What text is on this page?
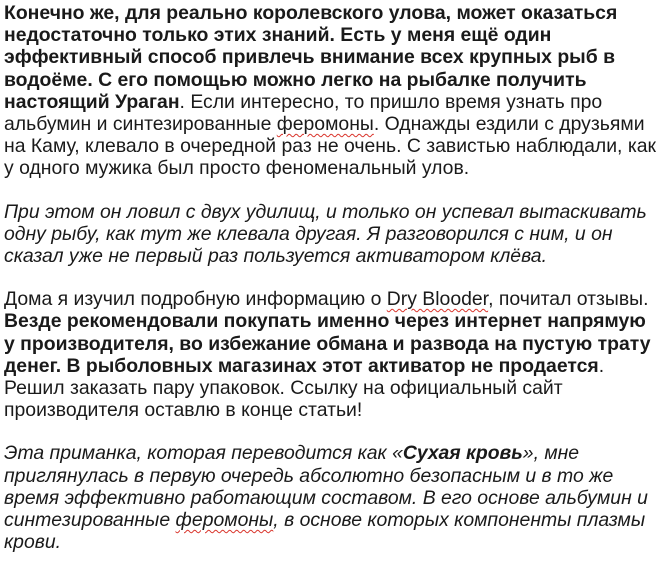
Конечно же, для реально королевского улова, может оказаться недостаточно только этих знаний. Есть у меня ещё один эффективный способ привлечь внимание всех крупных рыб в водоёме. С его помощью можно легко на рыбалке получить настоящий Ураган. Если интересно, то пришло время узнать про альбумин и синтезированные феромоны. Однажды ездили с друзьями на Каму, клевало в очередной раз не очень. С завистью наблюдали, как у одного мужика был просто феноменальный улов.

При этом он ловил с двух удилищ, и только он успевал вытаскивать одну рыбу, как тут же клевала другая. Я разговорился с ним, и он сказал уже не первый раз пользуется активатором клёва.

Дома я изучил подробную информацию о Dry Blooder, почитал отзывы. Везде рекомендовали покупать именно через интернет напрямую у производителя, во избежание обмана и развода на пустую трату денег. В рыболовных магазинах этот активатор не продается. Решил заказать пару упаковок. Ссылку на официальный сайт производителя оставлю в конце статьи!

Эта приманка, которая переводится как «Сухая кровь», мне приглянулась в первую очередь абсолютно безопасным и в то же время эффективно работающим составом. В его основе альбумин и синтезированные феромоны, в основе которых компоненты плазмы крови.
